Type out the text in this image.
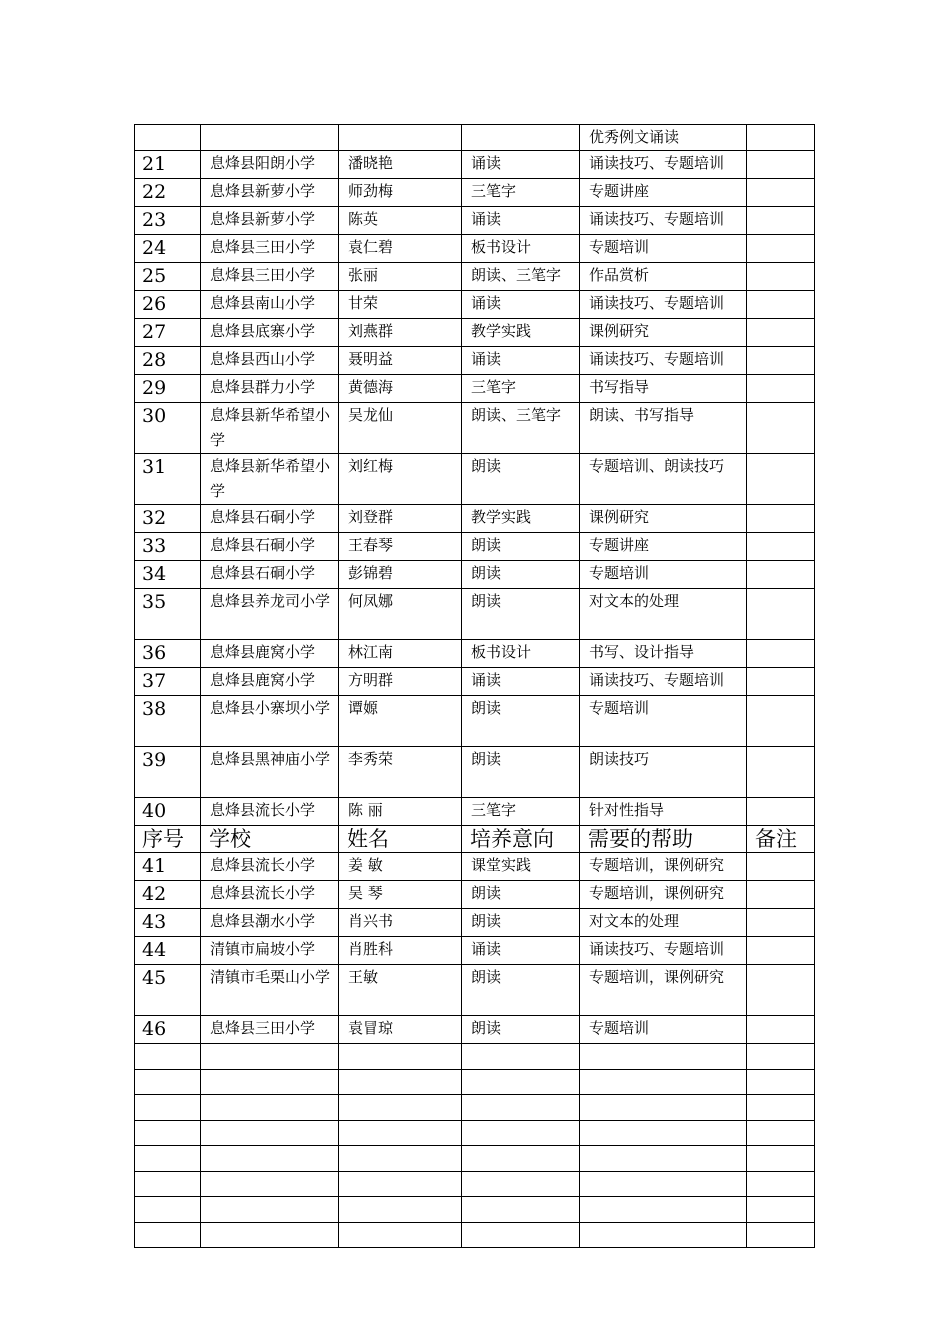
				优秀例文诵读	
21	息烽县阳朗小学	潘晓艳	诵读	诵读技巧、专题培训	
22	息烽县新萝小学	师劲梅	三笔字	专题讲座	
23	息烽县新萝小学	陈英	诵读	诵读技巧、专题培训	
24	息烽县三田小学	袁仁碧	板书设计	专题培训	
25	息烽县三田小学	张丽	朗读、三笔字	作品赏析	
26	息烽县南山小学	甘荣	诵读	诵读技巧、专题培训	
27	息烽县底寨小学	刘燕群	教学实践	课例研究	
28	息烽县西山小学	聂明益	诵读	诵读技巧、专题培训	
29	息烽县群力小学	黄德海	三笔字	书写指导	
30	息烽县新华希望小学	吴龙仙	朗读、三笔字	朗读、书写指导	
31	息烽县新华希望小学	刘红梅	朗读	专题培训、朗读技巧	
32	息烽县石硐小学	刘登群	教学实践	课例研究	
33	息烽县石硐小学	王春琴	朗读	专题讲座	
34	息烽县石硐小学	彭锦碧	朗读	专题培训	
35	息烽县养龙司小学	何凤娜	朗读	对文本的处理	
36	息烽县鹿窝小学	林江南	板书设计	书写、设计指导	
37	息烽县鹿窝小学	方明群	诵读	诵读技巧、专题培训	
38	息烽县小寨坝小学	谭嫄	朗读	专题培训	
39	息烽县黑神庙小学	李秀荣	朗读	朗读技巧	
40	息烽县流长小学	陈 丽	三笔字	针对性指导	
序号	学校	姓名	培养意向	需要的帮助	备注
41	息烽县流长小学	姜 敏	课堂实践	专题培训，课例研究	
42	息烽县流长小学	吴 琴	朗读	专题培训，课例研究	
43	息烽县潮水小学	肖兴书	朗读	对文本的处理	
44	清镇市扁坡小学	肖胜科	诵读	诵读技巧、专题培训	
45	清镇市毛栗山小学	王敏	朗读	专题培训，课例研究	
46	息烽县三田小学	袁冒琼	朗读	专题培训	
